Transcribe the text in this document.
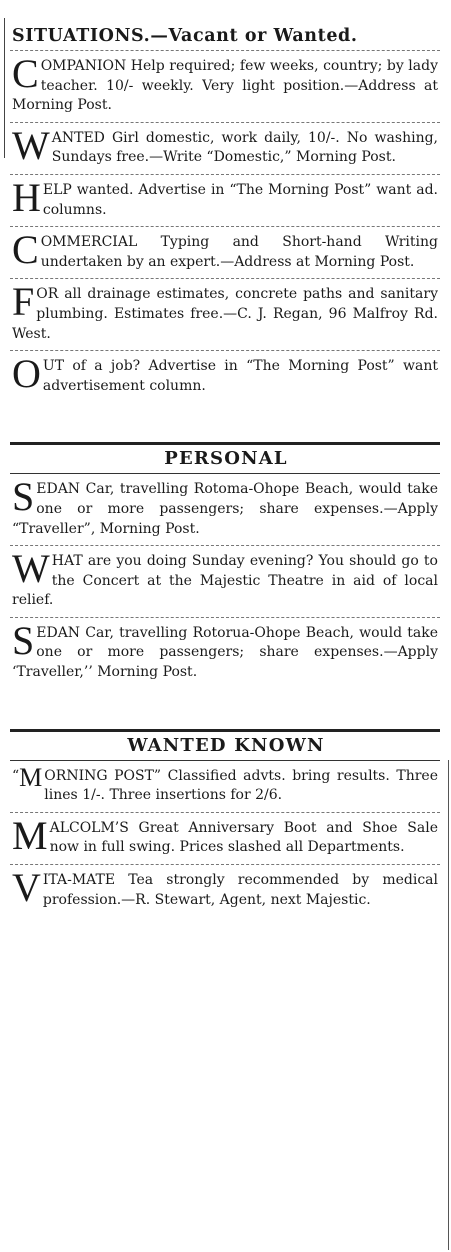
SITUATIONS.—Vacant or Wanted.

COMPANION Help required; few weeks, country; by lady teacher. 10/- weekly. Very light position.—Address at Morning Post.

WANTED Girl domestic, work daily, 10/-. No washing, Sundays free.—Write “Domestic,” Morning Post.

HELP wanted. Advertise in “The Morning Post” want ad. columns.

COMMERCIAL Typing and Short-hand Writing undertaken by an expert.—Address at Morning Post.

FOR all drainage estimates, concrete paths and sanitary plumbing. Estimates free.—C. J. Regan, 96 Malfroy Rd. West.

OUT of a job? Advertise in “The Morning Post” want advertisement column.

PERSONAL

SEDAN Car, travelling Rotoma-Ohope Beach, would take one or more passengers; share expenses.—Apply “Traveller”, Morning Post.

WHAT are you doing Sunday evening? You should go to the Concert at the Majestic Theatre in aid of local relief.

SEDAN Car, travelling Rotorua-Ohope Beach, would take one or more passengers; share expenses.—Apply ‘Traveller,’’ Morning Post.

WANTED KNOWN

“ M ORNING POST” Classified advts. bring results. Three lines 1/-. Three insertions for 2/6.

MALCOLM’S Great Anniversary Boot and Shoe Sale now in full swing. Prices slashed all Departments.

VITA-MATE Tea strongly recommended by medical profession.—R. Stewart, Agent, next Majestic.
